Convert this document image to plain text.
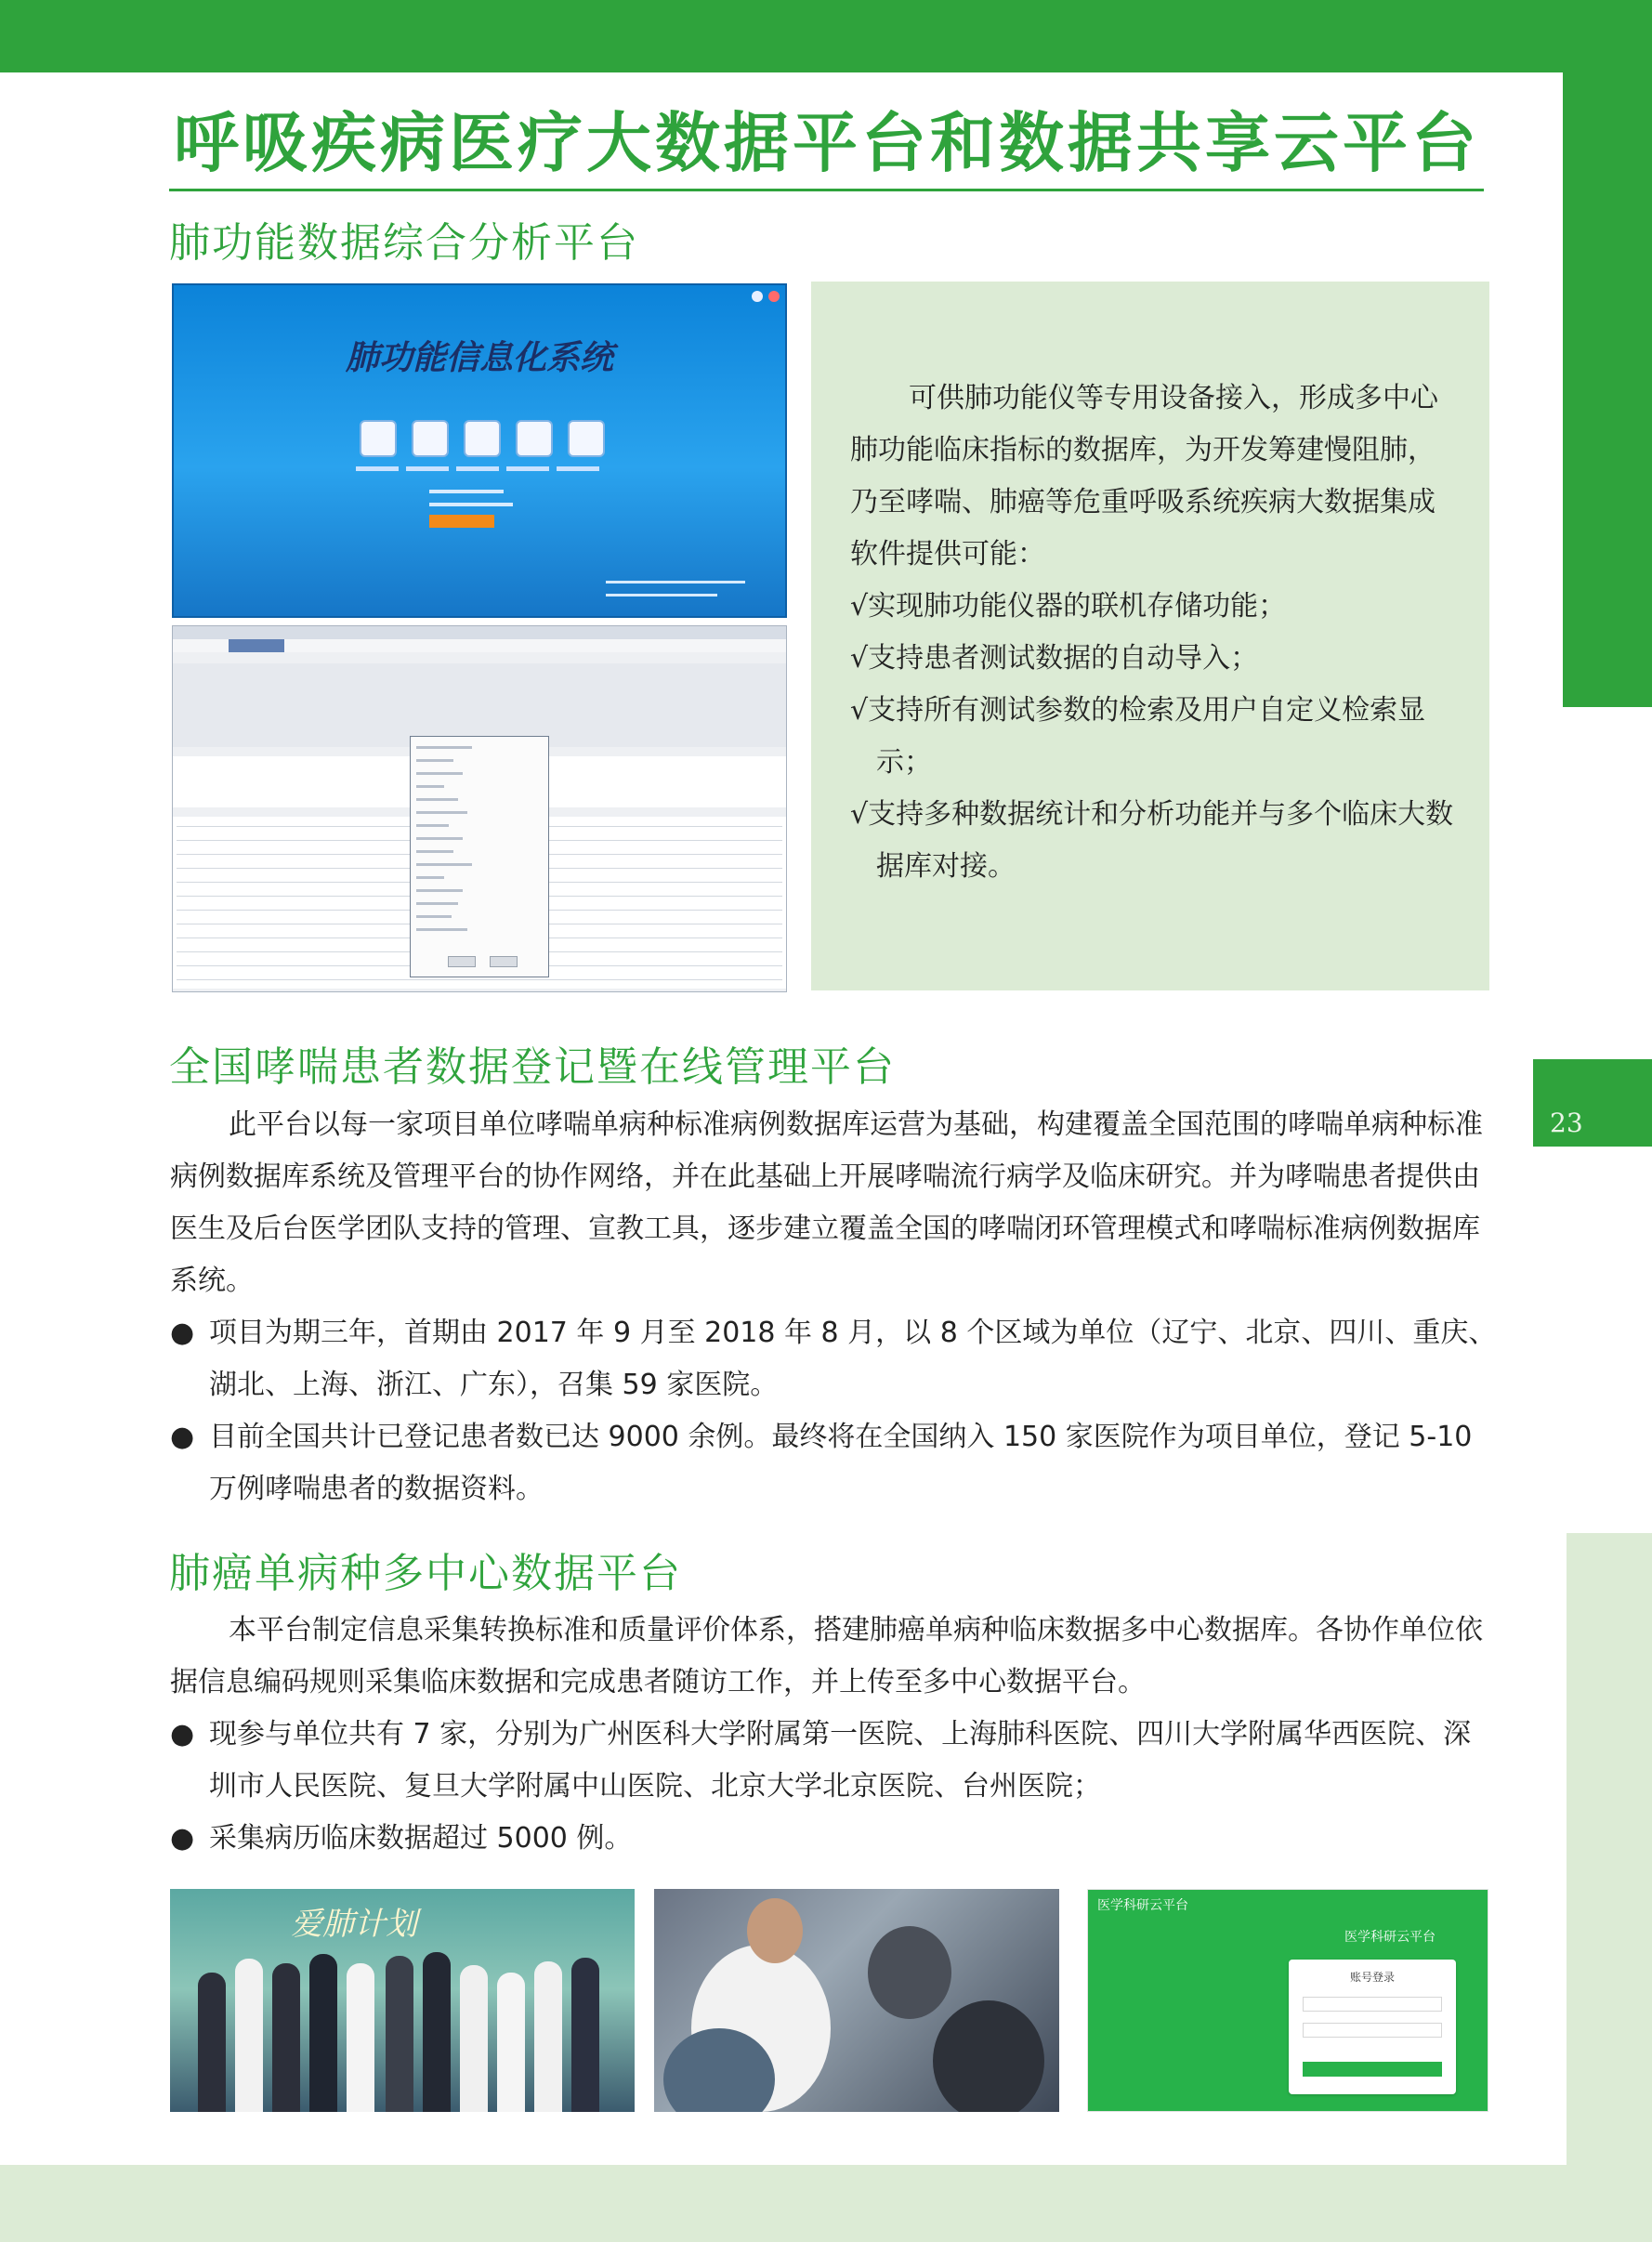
23
呼吸疾病医疗大数据平台和数据共享云平台
肺功能数据综合分析平台
肺功能信息化系统
可供肺功能仪等专用设备接入，形成多中心肺功能临床指标的数据库，为开发筹建慢阻肺，乃至哮喘、肺癌等危重呼吸系统疾病大数据集成软件提供可能：
√实现肺功能仪器的联机存储功能；
√支持患者测试数据的自动导入；
√支持所有测试参数的检索及用户自定义检索显示；
√支持多种数据统计和分析功能并与多个临床大数据库对接。
全国哮喘患者数据登记暨在线管理平台
此平台以每一家项目单位哮喘单病种标准病例数据库运营为基础，构建覆盖全国范围的哮喘单病种标准病例数据库系统及管理平台的协作网络，并在此基础上开展哮喘流行病学及临床研究。并为哮喘患者提供由医生及后台医学团队支持的管理、宣教工具，逐步建立覆盖全国的哮喘闭环管理模式和哮喘标准病例数据库系统。
● 项目为期三年，首期由 2017 年 9 月至 2018 年 8 月，以 8 个区域为单位（辽宁、北京、四川、重庆、湖北、上海、浙江、广东），召集 59 家医院。
● 目前全国共计已登记患者数已达 9000 余例。最终将在全国纳入 150 家医院作为项目单位，登记 5-10 万例哮喘患者的数据资料。
肺癌单病种多中心数据平台
本平台制定信息采集转换标准和质量评价体系，搭建肺癌单病种临床数据多中心数据库。各协作单位依据信息编码规则采集临床数据和完成患者随访工作，并上传至多中心数据平台。
● 现参与单位共有 7 家，分别为广州医科大学附属第一医院、上海肺科医院、四川大学附属华西医院、深圳市人民医院、复旦大学附属中山医院、北京大学北京医院、台州医院；
● 采集病历临床数据超过 5000 例。
爱肺计划	医学科研云平台
医学科研云平台
账号登录
